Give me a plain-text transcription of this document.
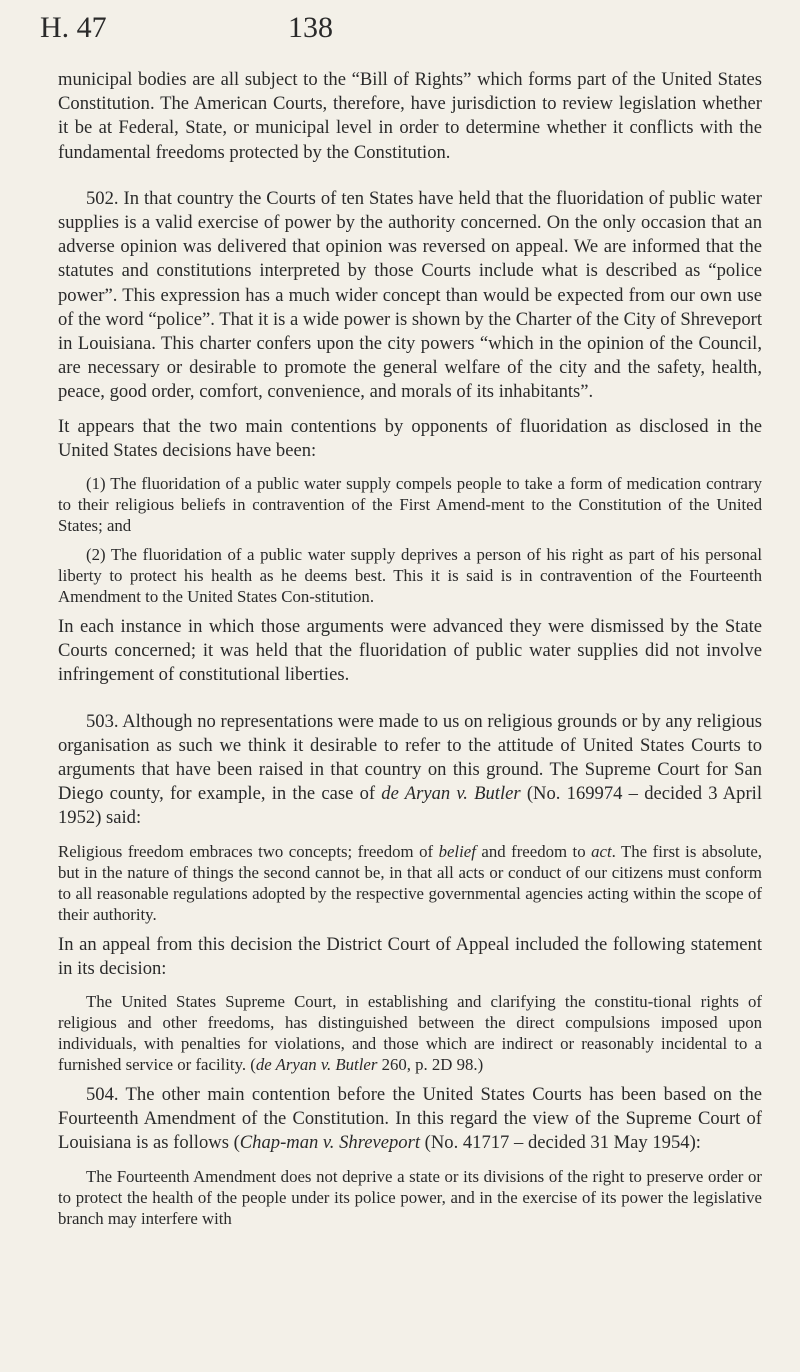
H. 47	138

municipal bodies are all subject to the “Bill of Rights” which forms part of the United States Constitution. The American Courts, therefore, have jurisdiction to review legislation whether it be at Federal, State, or municipal level in order to determine whether it conflicts with the fundamental freedoms protected by the Constitution.

502. In that country the Courts of ten States have held that the fluoridation of public water supplies is a valid exercise of power by the authority concerned. On the only occasion that an adverse opinion was delivered that opinion was reversed on appeal. We are informed that the statutes and constitutions interpreted by those Courts include what is described as “police power”. This expression has a much wider concept than would be expected from our own use of the word “police”. That it is a wide power is shown by the Charter of the City of Shreveport in Louisiana. This charter confers upon the city powers “which in the opinion of the Council, are necessary or desirable to promote the general welfare of the city and the safety, health, peace, good order, comfort, convenience, and morals of its inhabitants”.

It appears that the two main contentions by opponents of fluoridation as disclosed in the United States decisions have been:

(1) The fluoridation of a public water supply compels people to take a form of medication contrary to their religious beliefs in contravention of the First Amend-ment to the Constitution of the United States; and

(2) The fluoridation of a public water supply deprives a person of his right as part of his personal liberty to protect his health as he deems best. This it is said is in contravention of the Fourteenth Amendment to the United States Con-stitution.

In each instance in which those arguments were advanced they were dismissed by the State Courts concerned; it was held that the fluoridation of public water supplies did not involve infringement of constitutional liberties.

503. Although no representations were made to us on religious grounds or by any religious organisation as such we think it desirable to refer to the attitude of United States Courts to arguments that have been raised in that country on this ground. The Supreme Court for San Diego county, for example, in the case of de Aryan v. Butler (No. 169974 – decided 3 April 1952) said:

Religious freedom embraces two concepts; freedom of belief and freedom to act. The first is absolute, but in the nature of things the second cannot be, in that all acts or conduct of our citizens must conform to all reasonable regulations adopted by the respective governmental agencies acting within the scope of their authority.

In an appeal from this decision the District Court of Appeal included the following statement in its decision:

The United States Supreme Court, in establishing and clarifying the constitu-tional rights of religious and other freedoms, has distinguished between the direct compulsions imposed upon individuals, with penalties for violations, and those which are indirect or reasonably incidental to a furnished service or facility. (de Aryan v. Butler 260, p. 2D 98.)

504. The other main contention before the United States Courts has been based on the Fourteenth Amendment of the Constitution. In this regard the view of the Supreme Court of Louisiana is as follows (Chap-man v. Shreveport (No. 41717 – decided 31 May 1954):

The Fourteenth Amendment does not deprive a state or its divisions of the right to preserve order or to protect the health of the people under its police power, and in the exercise of its power the legislative branch may interfere with
